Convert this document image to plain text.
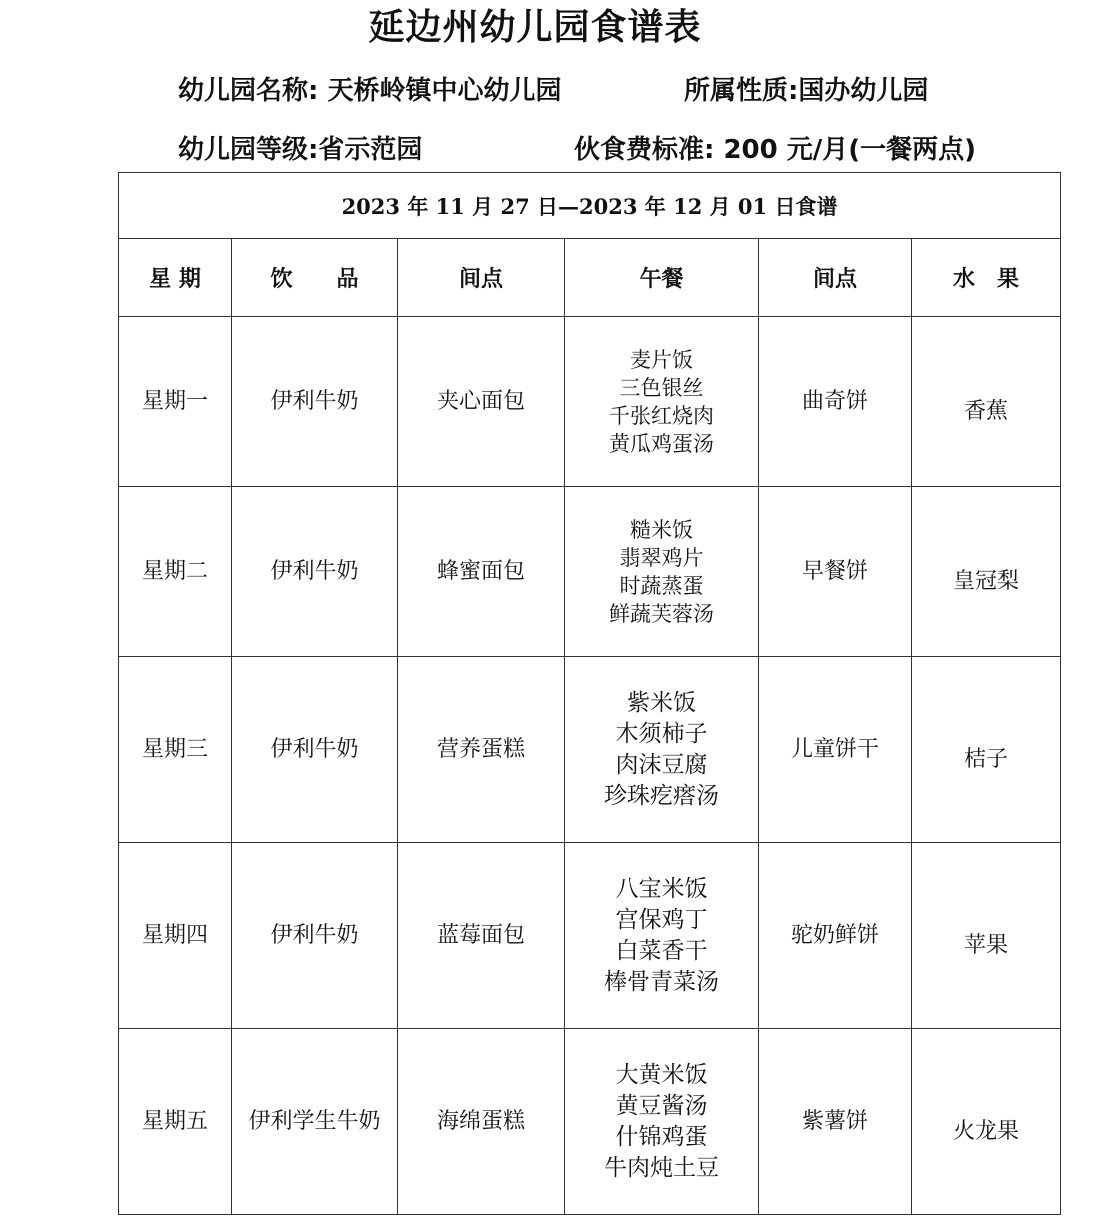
延边州幼儿园食谱表
幼儿园名称: 天桥岭镇中心幼儿园	所属性质:国办幼儿园
幼儿园等级:省示范园	伙食费标准: 200 元/月(一餐两点)
2023 年 11 月 27 日—2023 年 12 月 01 日食谱					
星 期	饮　　品	间点	午餐	间点	水　果
星期一	伊利牛奶	夹心面包	麦片饭
三色银丝
千张红烧肉
黄瓜鸡蛋汤	曲奇饼	香蕉
星期二	伊利牛奶	蜂蜜面包	糙米饭
翡翠鸡片
时蔬蒸蛋
鲜蔬芙蓉汤	早餐饼	皇冠梨
星期三	伊利牛奶	营养蛋糕	紫米饭
木须柿子
肉沫豆腐
珍珠疙瘩汤	儿童饼干	桔子
星期四	伊利牛奶	蓝莓面包	八宝米饭
宫保鸡丁
白菜香干
棒骨青菜汤	驼奶鲜饼	苹果
星期五	伊利学生牛奶	海绵蛋糕	大黄米饭
黄豆酱汤
什锦鸡蛋
牛肉炖土豆	紫薯饼	火龙果
